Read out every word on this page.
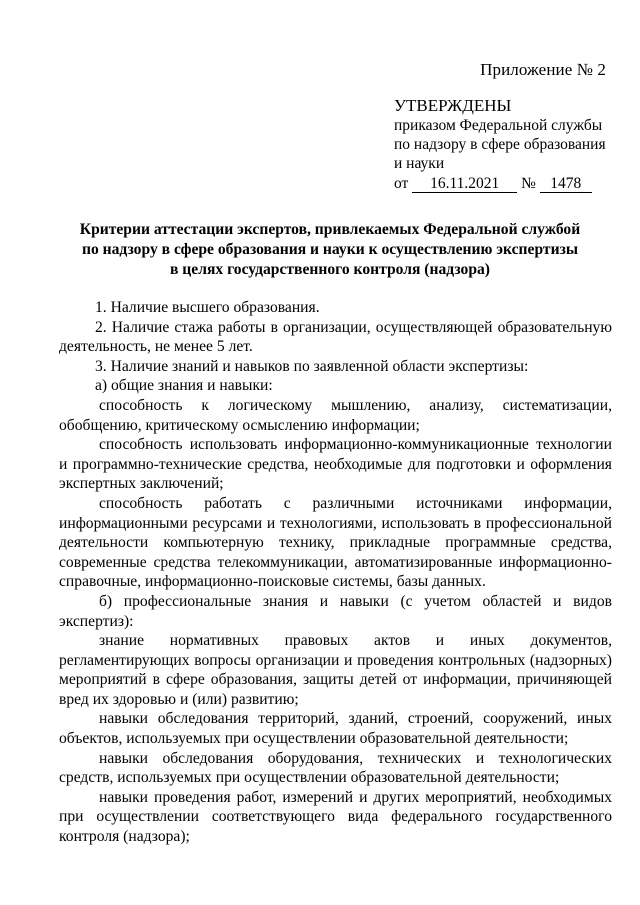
Приложение № 2
УТВЕРЖДЕНЫ
приказом Федеральной службы
по надзору в сфере образования
и науки
от 16.11.2021 № 1478
Критерии аттестации экспертов, привлекаемых Федеральной службой
по надзору в сфере образования и науки к осуществлению экспертизы
в целях государственного контроля (надзора)

1. Наличие высшего образования.

2. Наличие стажа работы в организации, осуществляющей образовательную деятельность, не менее 5 лет.

3. Наличие знаний и навыков по заявленной области экспертизы:

а) общие знания и навыки:

способность к логическому мышлению, анализу, систематизации, обобщению, критическому осмыслению информации;

способность использовать информационно-коммуникационные технологии и программно-технические средства, необходимые для подготовки и оформления экспертных заключений;

способность работать с различными источниками информации, информационными ресурсами и технологиями, использовать в профессиональной деятельности компьютерную технику, прикладные программные средства, современные средства телекоммуникации, автоматизированные информационно-справочные, информационно-поисковые системы, базы данных.

б) профессиональные знания и навыки (с учетом областей и видов экспертиз):

знание нормативных правовых актов и иных документов, регламентирующих вопросы организации и проведения контрольных (надзорных) мероприятий в сфере образования, защиты детей от информации, причиняющей вред их здоровью и (или) развитию;

навыки обследования территорий, зданий, строений, сооружений, иных объектов, используемых при осуществлении образовательной деятельности;

навыки обследования оборудования, технических и технологических средств, используемых при осуществлении образовательной деятельности;

навыки проведения работ, измерений и других мероприятий, необходимых при осуществлении соответствующего вида федерального государственного контроля (надзора);
